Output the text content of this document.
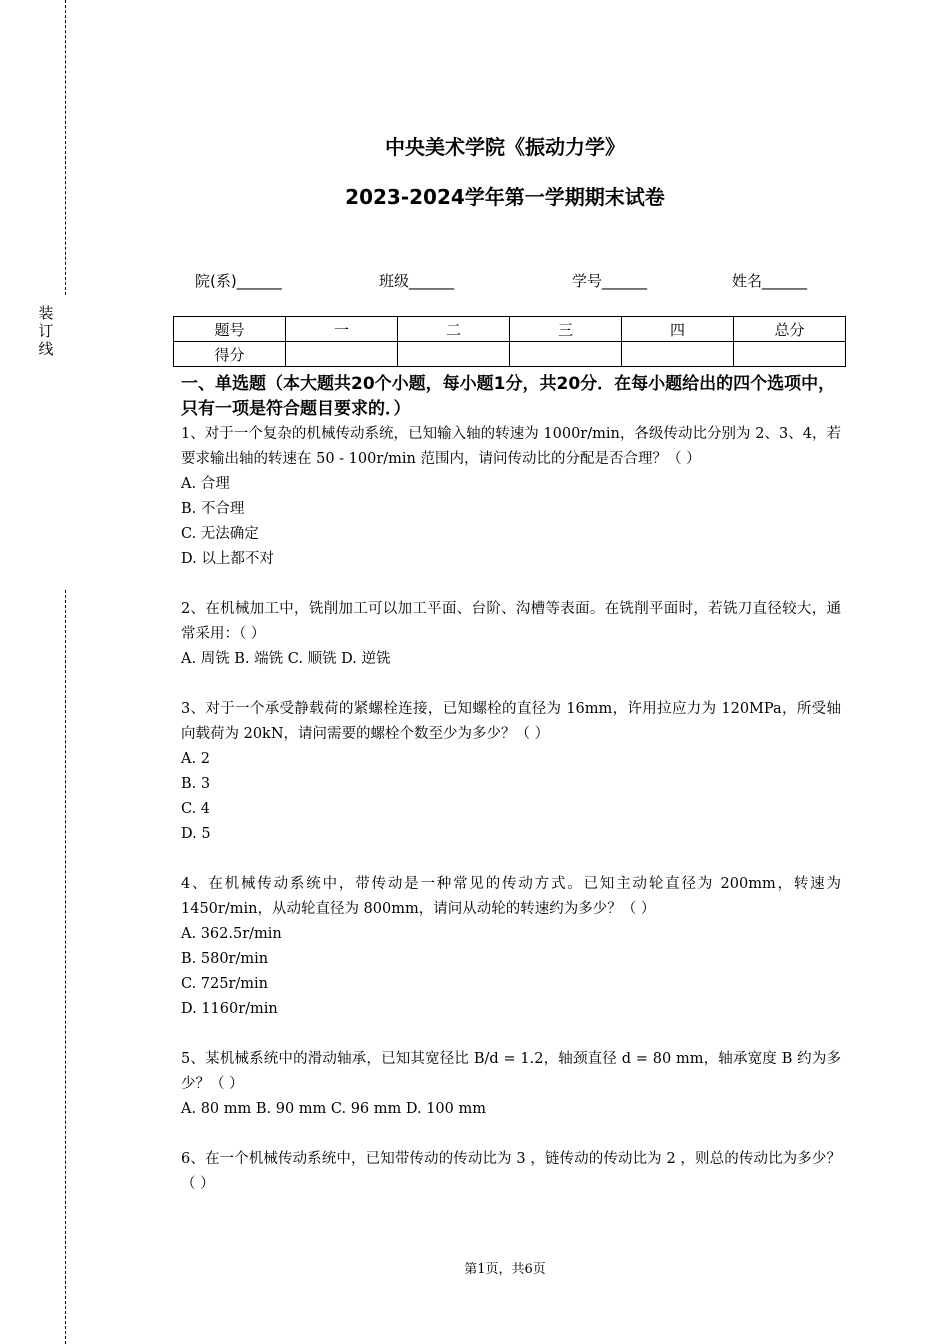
装
订
线
中央美术学院《振动力学》
2023-2024学年第一学期期末试卷
院(系)______	班级______	学号______	姓名______
题号	一	二	三	四	总分
得分					
一、单选题（本大题共20个小题，每小题1分，共20分．在每小题给出的四个选项中，只有一项是符合题目要求的．）
1、对于一个复杂的机械传动系统，已知输入轴的转速为 1000r/min，各级传动比分别为 2、3、4，若要求输出轴的转速在 50 - 100r/min 范围内，请问传动比的分配是否合理？（ ）
A. 合理
B. 不合理
C. 无法确定
D. 以上都不对
2、在机械加工中，铣削加工可以加工平面、台阶、沟槽等表面。在铣削平面时，若铣刀直径较大，通常采用：（ ）
A. 周铣 B. 端铣 C. 顺铣 D. 逆铣
3、对于一个承受静载荷的紧螺栓连接，已知螺栓的直径为 16mm，许用拉应力为 120MPa，所受轴向载荷为 20kN，请问需要的螺栓个数至少为多少？（ ）
A. 2
B. 3
C. 4
D. 5
4、在机械传动系统中，带传动是一种常见的传动方式。已知主动轮直径为 200mm，转速为 1450r/min，从动轮直径为 800mm，请问从动轮的转速约为多少？（ ）
A. 362.5r/min
B. 580r/min
C. 725r/min
D. 1160r/min
5、某机械系统中的滑动轴承，已知其宽径比 B/d = 1.2，轴颈直径 d = 80 mm，轴承宽度 B 约为多少？（ ）
A. 80 mm B. 90 mm C. 96 mm D. 100 mm
6、在一个机械传动系统中，已知带传动的传动比为 3 ，链传动的传动比为 2 ，则总的传动比为多少？（ ）
第1页，共6页
